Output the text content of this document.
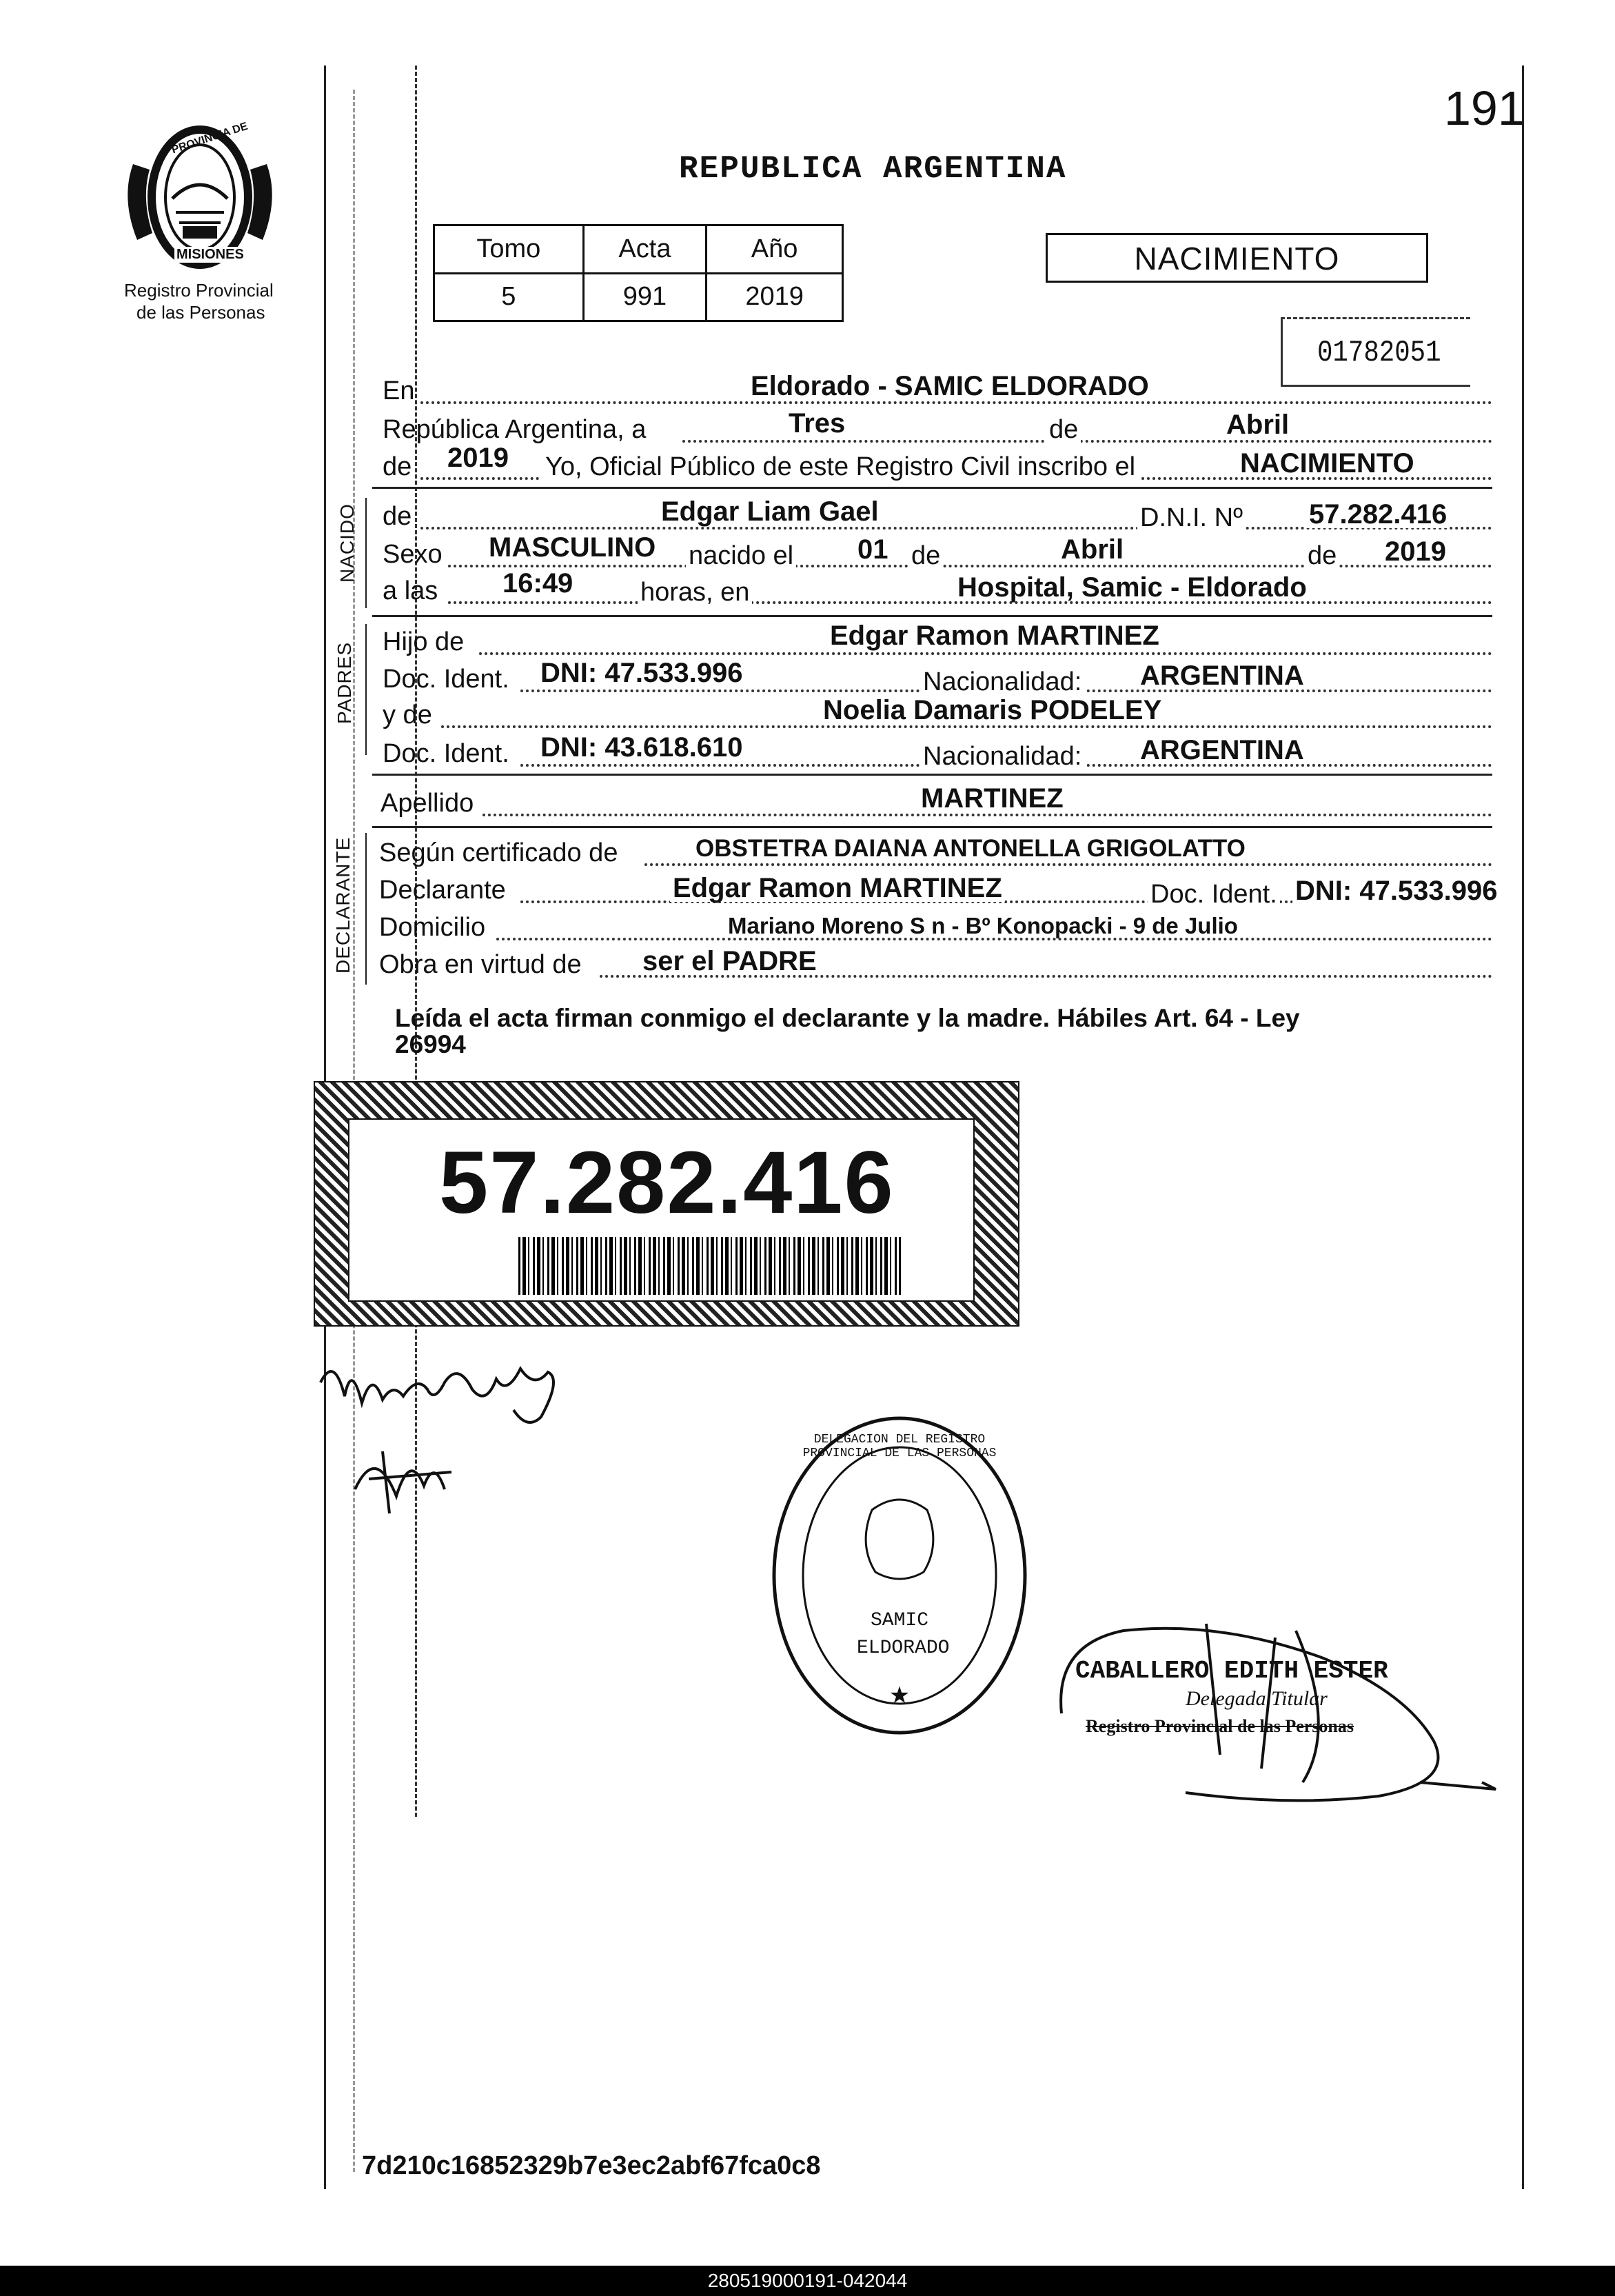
191
PROVINCIA DE
MISIONES
Registro Provincial
de las Personas
REPUBLICA ARGENTINA
Tomo	Acta	Año
5	991	2019
NACIMIENTO
01782051
En	Eldorado - SAMIC ELDORADO
República Argentina, a	Tres	de	Abril
de 2019 Yo, Oficial Público de este Registro Civil inscribo el	NACIMIENTO
NACIDO de	Edgar Liam Gael	D.N.I. Nº 57.282.416
Sexo MASCULINO nacido el 01 de	Abril	de 2019
a las 16:49	horas, en	Hospital, Samic - Eldorado
PADRES Hijo de	Edgar Ramon MARTINEZ
Doc. Ident. DNI: 47.533.996	Nacionalidad: ARGENTINA
y de	Noelia Damaris PODELEY
Doc. Ident. DNI: 43.618.610	Nacionalidad: ARGENTINA
Apellido	MARTINEZ
DECLARANTE Según certificado de	OBSTETRA DAIANA ANTONELLA GRIGOLATTO
Declarante	Edgar Ramon MARTINEZ	Doc. Ident. DNI: 47.533.996
Domicilio	Mariano Moreno S n - Bº Konopacki - 9 de Julio
Obra en virtud de ser el PADRE
Leída el acta firman conmigo el declarante y la madre. Hábiles Art. 64 - Ley
26994
57.282.416
★
DELEGACION DEL REGISTRO PROVINCIAL DE LAS PERSONAS
SAMIC
ELDORADO
CABALLERO EDITH ESTER
Delegada Titular
Registro Provincial de las Personas
7d210c16852329b7e3ec2abf67fca0c8
280519000191-042044
